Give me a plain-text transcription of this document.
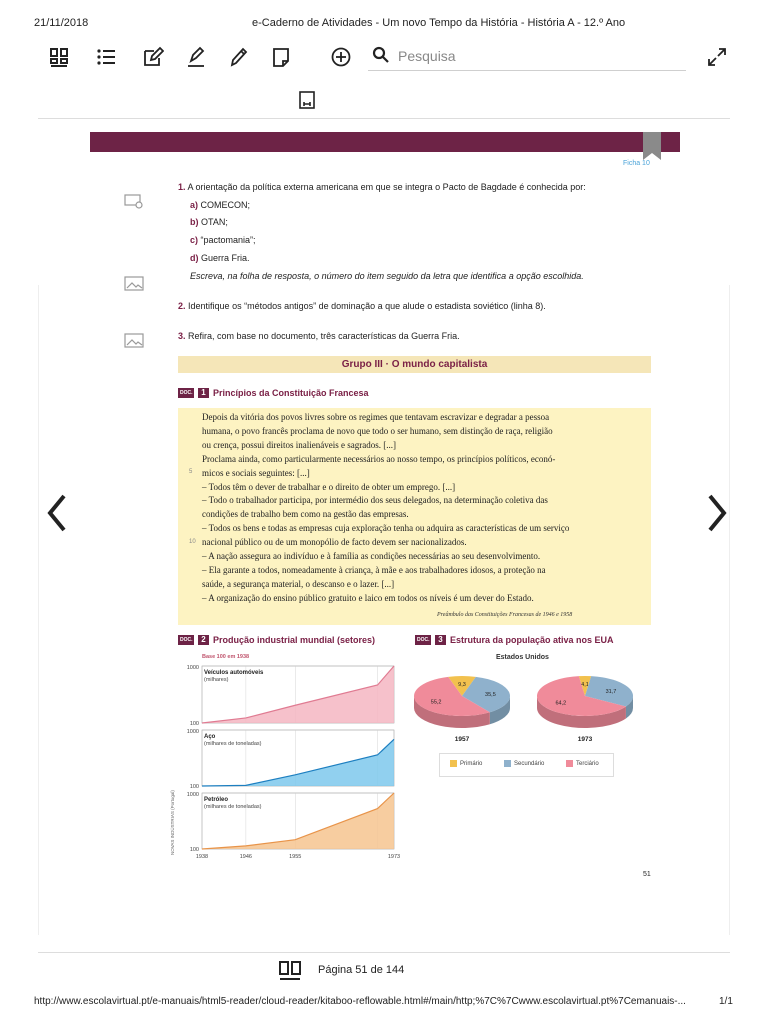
21/11/2018	e-Caderno de Atividades - Um novo Tempo da História - História A - 12.º Ano
Pesquisa
Ficha 10
1. A orientação da política externa americana em que se integra o Pacto de Bagdade é conhecida por:
a) COMECON;
b) OTAN;
c) “pactomania”;
d) Guerra Fria.
Escreva, na folha de resposta, o número do item seguido da letra que identifica a opção escolhida.
2. Identifique os “métodos antigos” de dominação a que alude o estadista soviético (linha 8).
3. Refira, com base no documento, três características da Guerra Fria.
Grupo III · O mundo capitalista
DOC.	1 Princípios da Constituição Francesa
Depois da vitória dos povos livres sobre os regimes que tentavam escravizar e degradar a pessoa
humana, o povo francês proclama de novo que todo o ser humano, sem distinção de raça, religião
ou crença, possui direitos inalienáveis e sagrados. [...]
Proclama ainda, como particularmente necessários ao nosso tempo, os princípios políticos, econó-
micos e sociais seguintes: [...]
– Todos têm o dever de trabalhar e o direito de obter um emprego. [...]
– Todo o trabalhador participa, por intermédio dos seus delegados, na determinação coletiva das
condições de trabalho bem como na gestão das empresas.
– Todos os bens e todas as empresas cuja exploração tenha ou adquira as características de um serviço
nacional público ou de um monopólio de facto devem ser nacionalizados.
– A nação assegura ao indivíduo e à família as condições necessárias ao seu desenvolvimento.
– Ela garante a todos, nomeadamente à criança, à mãe e aos trabalhadores idosos, a proteção na
saúde, a segurança material, o descanso e o lazer. [...]
– A organização do ensino público gratuito e laico em todos os níveis é um dever do Estado.
5
10
Preâmbulo das Constituições Francesas de 1946 e 1958
DOC.	2 Produção industrial mundial (setores)
Base 100 em 1938
1000
100
Veículos automóveis
(milhares)
1000
100
Aço
(milhares de toneladas)
1000
100
Petróleo
(milhares de toneladas)
1938	1946	1955	1973
NOVAS INDÚSTRIAS (Portugal)
DOC.	3 Estrutura da população ativa nos EUA
Estados Unidos
9,3
35,5
55,2
1957
4,1
31,7
64,2
1973
Primário	Secundário	Terciário
51
Página 51 de 144
http://www.escolavirtual.pt/e-manuais/html5-reader/cloud-reader/kitaboo-reflowable.html#/main/http;%7C%7Cwww.escolavirtual.pt%7Cemanuais-...	1/1
